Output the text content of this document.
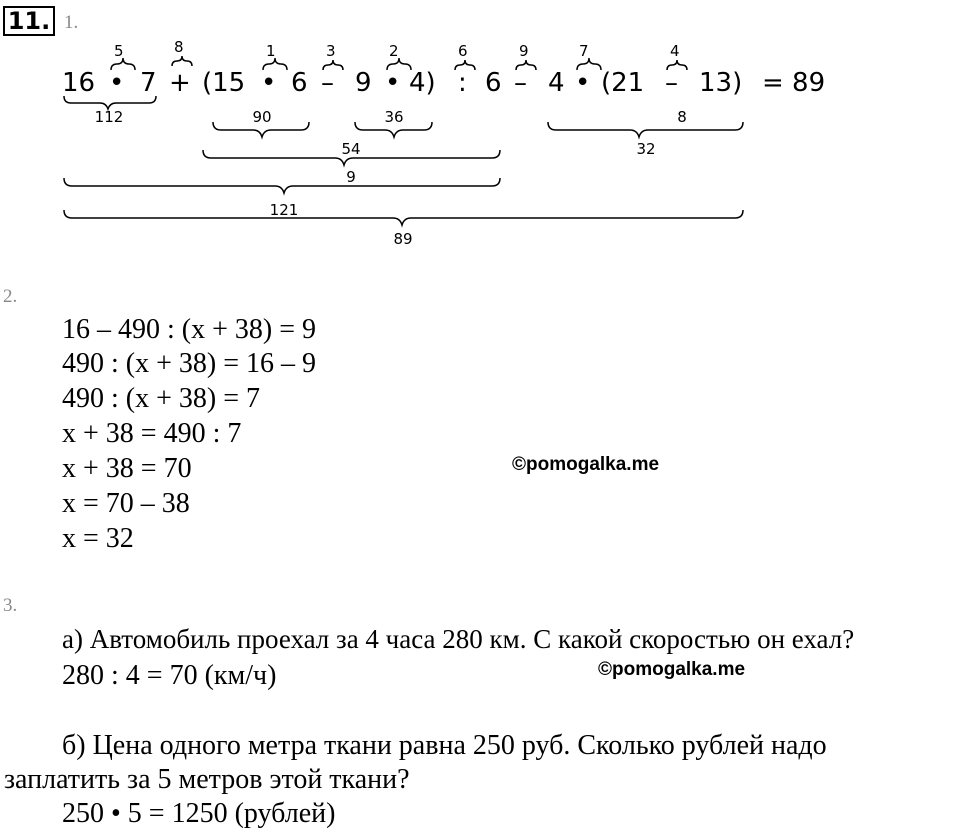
11. 1.
16 • 7 + (15 • 6 – 9 • 4) : 6 – 4 • (21 – 13) = 89
5	8	1	3	2	6	9	7	4
112	90	36	8
54	32
9
121
89
2.
16 – 490 : (x + 38) = 9
490 : (x + 38) = 16 – 9
490 : (x + 38) = 7
x + 38 = 490 : 7
x + 38 = 70
x = 70 – 38
x = 32
©pomogalka.me
3.
а) Автомобиль проехал за 4 часа 280 км. С какой скоростью он ехал?
280 : 4 = 70 (км/ч)	©pomogalka.me
б) Цена одного метра ткани равна 250 руб. Сколько рублей надо
заплатить за 5 метров этой ткани?
250 • 5 = 1250 (рублей)
